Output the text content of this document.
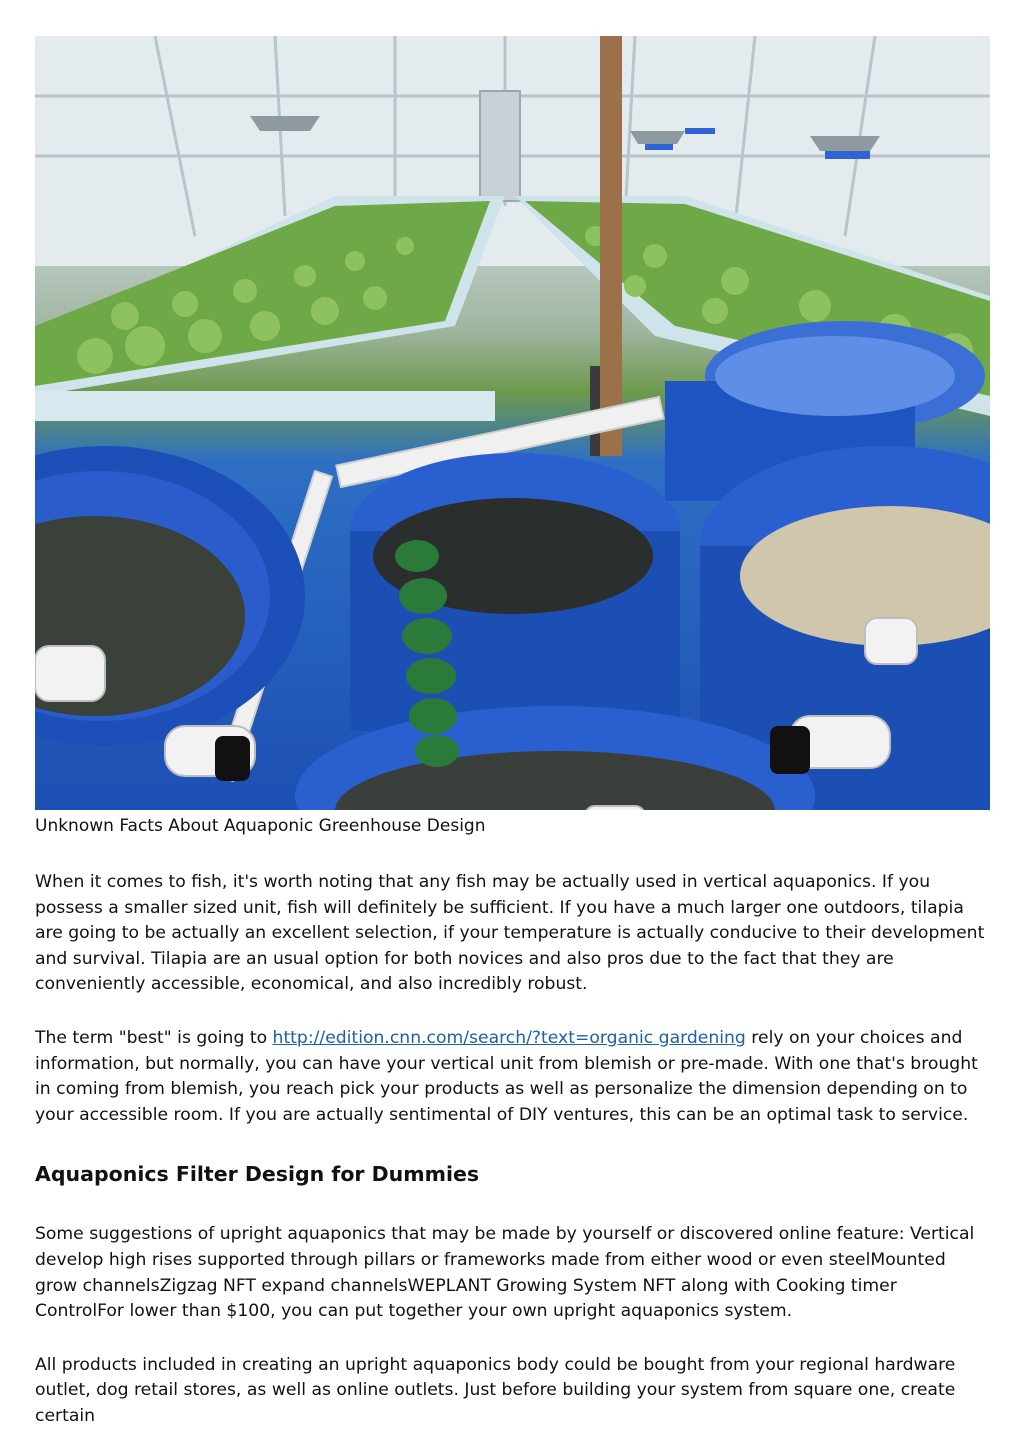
Unknown Facts About Aquaponic Greenhouse Design

When it comes to fish, it's worth noting that any fish may be actually used in vertical aquaponics. If you possess a smaller sized unit, fish will definitely be sufficient. If you have a much larger one outdoors, tilapia are going to be actually an excellent selection, if your temperature is actually conducive to their development and survival. Tilapia are an usual option for both novices and also pros due to the fact that they are conveniently accessible, economical, and also incredibly robust.

The term "best" is going to http://edition.cnn.com/search/?text=organic gardening rely on your choices and information, but normally, you can have your vertical unit from blemish or pre-made. With one that's brought in coming from blemish, you reach pick your products as well as personalize the dimension depending on to your accessible room. If you are actually sentimental of DIY ventures, this can be an optimal task to service.

Aquaponics Filter Design for Dummies

Some suggestions of upright aquaponics that may be made by yourself or discovered online feature: Vertical develop high rises supported through pillars or frameworks made from either wood or even steelMounted grow channelsZigzag NFT expand channelsWEPLANT Growing System NFT along with Cooking timer ControlFor lower than $100, you can put together your own upright aquaponics system.

All products included in creating an upright aquaponics body could be bought from your regional hardware outlet, dog retail stores, as well as online outlets. Just before building your system from square one, create certain
